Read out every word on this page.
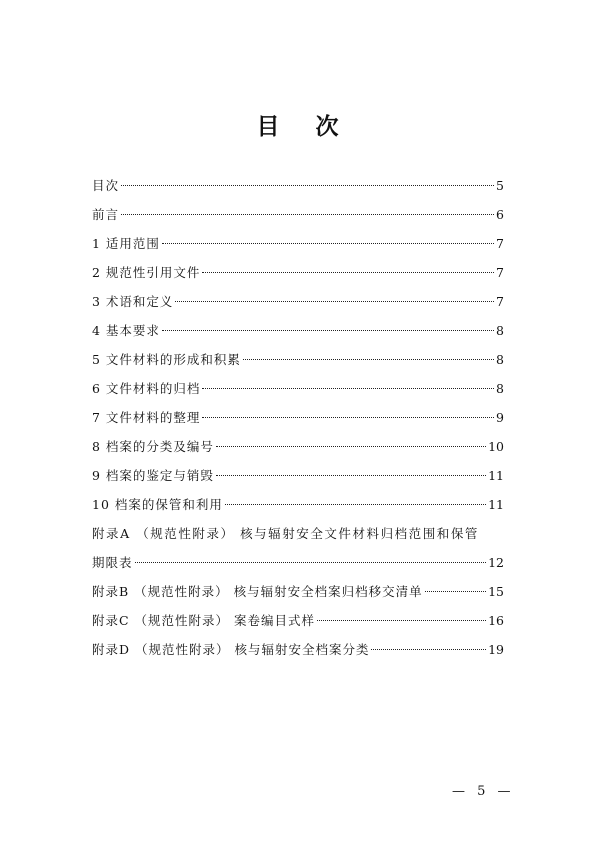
目 次
目次	5
前言	6
1 适用范围	7
2 规范性引用文件	7
3 术语和定义	7
4 基本要求	8
5 文件材料的形成和积累	8
6 文件材料的归档	8
7 文件材料的整理	9
8 档案的分类及编号	10
9 档案的鉴定与销毁	11
10 档案的保管和利用	11
附录A （规范性附录） 核与辐射安全文件材料归档范围和保管
期限表	12
附录B （规范性附录） 核与辐射安全档案归档移交清单	15
附录C （规范性附录） 案卷编目式样	16
附录D （规范性附录） 核与辐射安全档案分类	19
— 5 —
